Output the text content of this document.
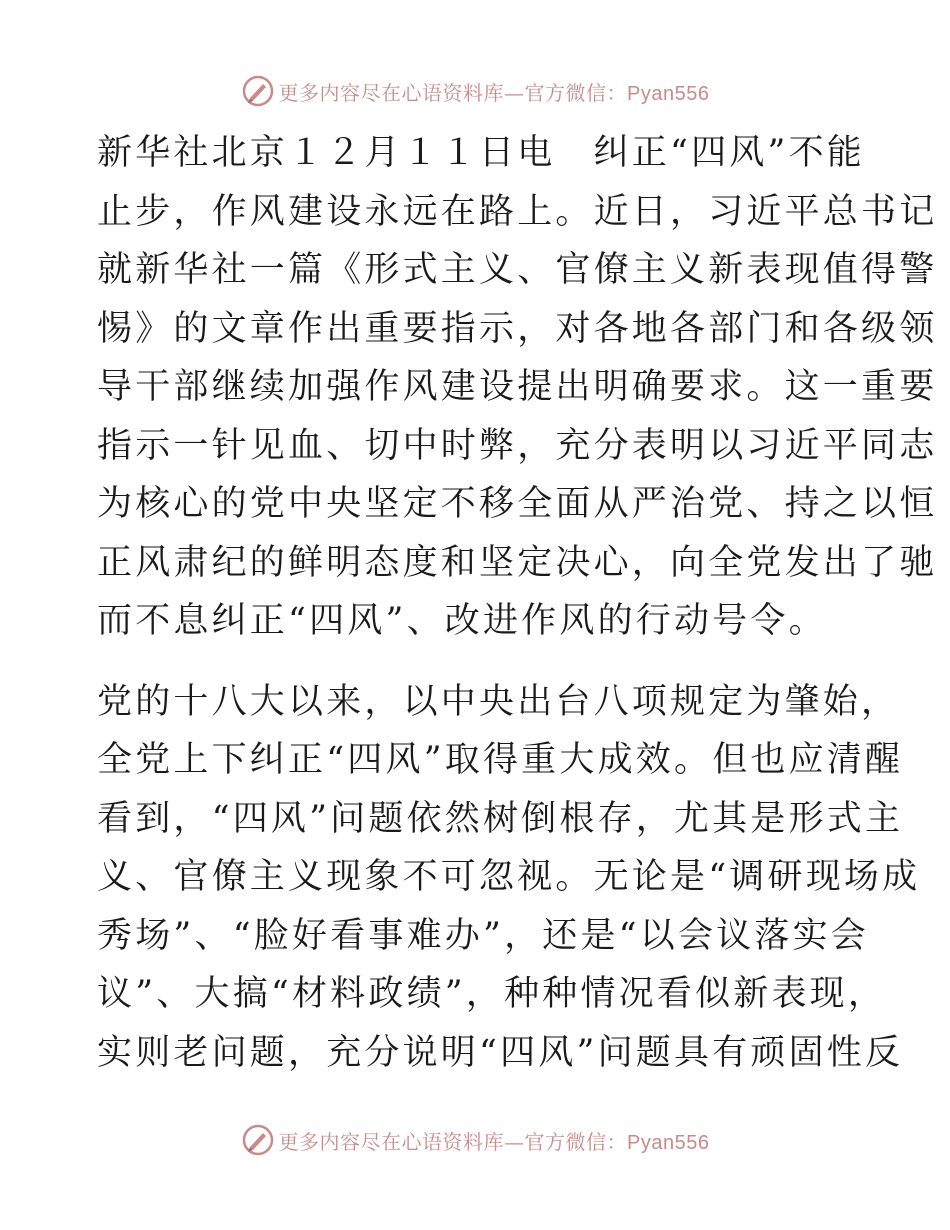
更多内容尽在心语资料库—官方微信：Pyan556
新华社北京１２月１１日电　纠正“四风”不能
止步，作风建设永远在路上。近日，习近平总书记
就新华社一篇《形式主义、官僚主义新表现值得警
惕》的文章作出重要指示，对各地各部门和各级领
导干部继续加强作风建设提出明确要求。这一重要
指示一针见血、切中时弊，充分表明以习近平同志
为核心的党中央坚定不移全面从严治党、持之以恒
正风肃纪的鲜明态度和坚定决心，向全党发出了驰
而不息纠正“四风”、改进作风的行动号令。
党的十八大以来，以中央出台八项规定为肇始，
全党上下纠正“四风”取得重大成效。但也应清醒
看到，“四风”问题依然树倒根存，尤其是形式主
义、官僚主义现象不可忽视。无论是“调研现场成
秀场”、“脸好看事难办”，还是“以会议落实会
议”、大搞“材料政绩”，种种情况看似新表现，
实则老问题，充分说明“四风”问题具有顽固性反
更多内容尽在心语资料库—官方微信：Pyan556
